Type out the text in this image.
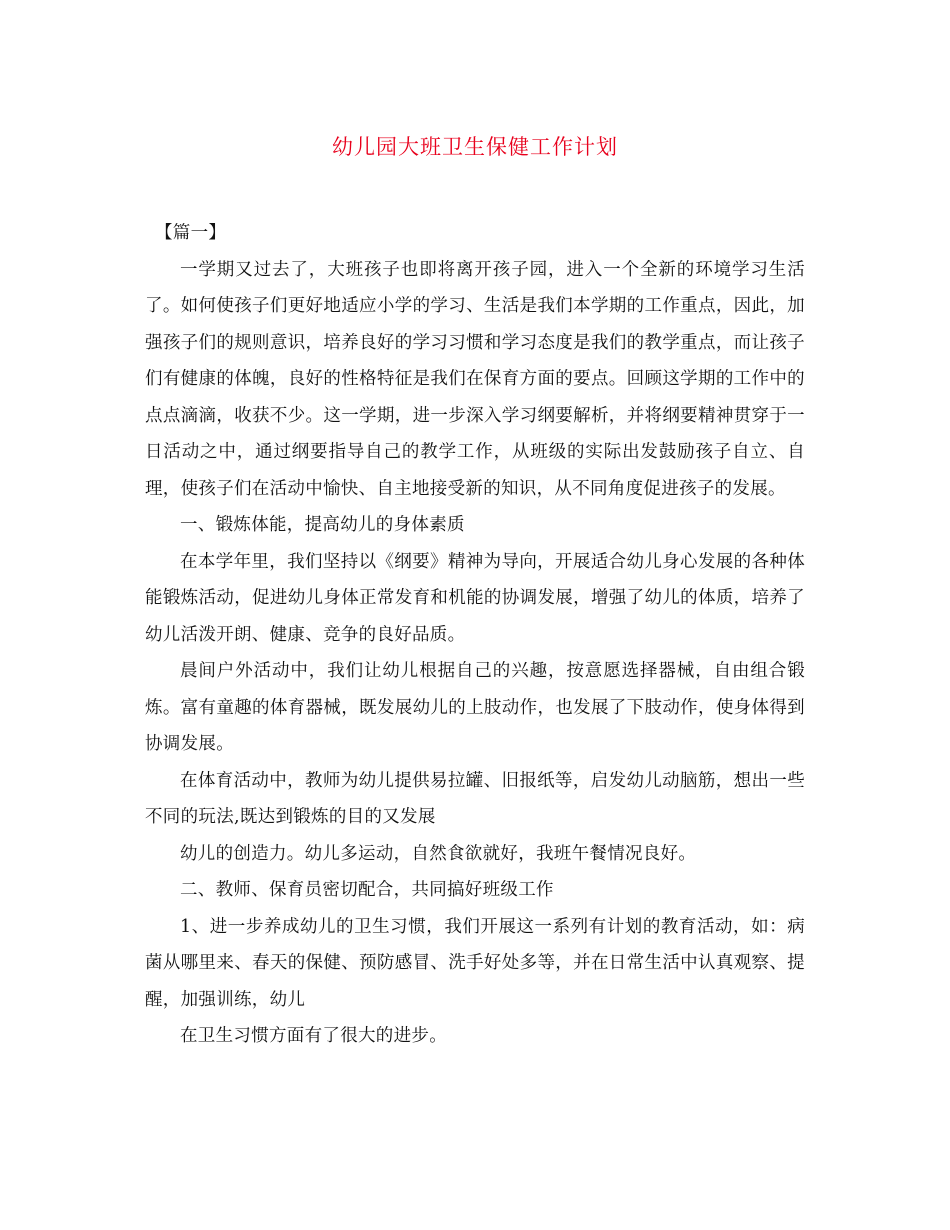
幼儿园大班卫生保健工作计划

【篇一】

一学期又过去了，大班孩子也即将离开孩子园，进入一个全新的环境学习生活了。如何使孩子们更好地适应小学的学习、生活是我们本学期的工作重点，因此，加强孩子们的规则意识，培养良好的学习习惯和学习态度是我们的教学重点，而让孩子们有健康的体魄，良好的性格特征是我们在保育方面的要点。回顾这学期的工作中的点点滴滴，收获不少。这一学期，进一步深入学习纲要解析，并将纲要精神贯穿于一日活动之中，通过纲要指导自己的教学工作，从班级的实际出发鼓励孩子自立、自理，使孩子们在活动中愉快、自主地接受新的知识，从不同角度促进孩子的发展。

一、锻炼体能，提高幼儿的身体素质

在本学年里，我们坚持以《纲要》精神为导向，开展适合幼儿身心发展的各种体能锻炼活动，促进幼儿身体正常发育和机能的协调发展，增强了幼儿的体质，培养了幼儿活泼开朗、健康、竞争的良好品质。

晨间户外活动中，我们让幼儿根据自己的兴趣，按意愿选择器械，自由组合锻炼。富有童趣的体育器械，既发展幼儿的上肢动作，也发展了下肢动作，使身体得到协调发展。

在体育活动中，教师为幼儿提供易拉罐、旧报纸等，启发幼儿动脑筋，想出一些不同的玩法,既达到锻炼的目的又发展

幼儿的创造力。幼儿多运动，自然食欲就好，我班午餐情况良好。

二、教师、保育员密切配合，共同搞好班级工作

1、进一步养成幼儿的卫生习惯，我们开展这一系列有计划的教育活动，如：病菌从哪里来、春天的保健、预防感冒、洗手好处多等，并在日常生活中认真观察、提醒，加强训练，幼儿

在卫生习惯方面有了很大的进步。
